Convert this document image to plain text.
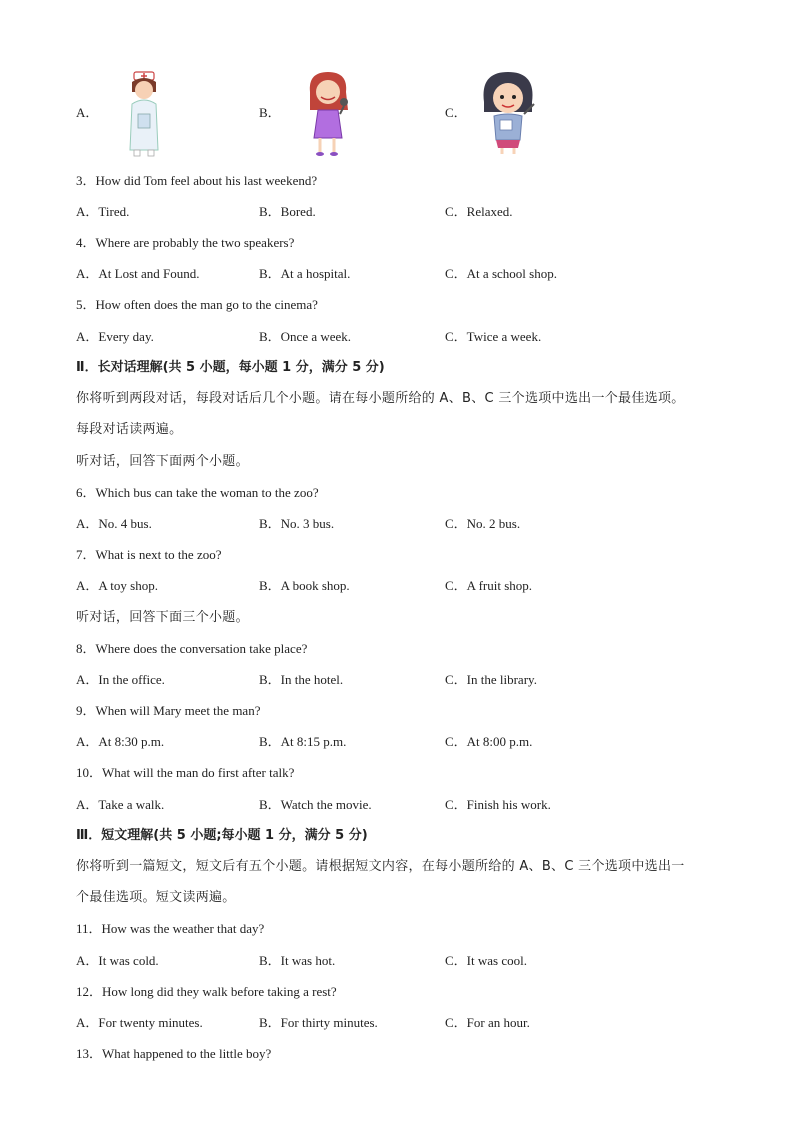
A．	B．	C．
3．How did Tom feel about his last weekend?
A．Tired.	B．Bored.	C．Relaxed.
4．Where are probably the two speakers?
A．At Lost and Found.	B．At a hospital.	C．At a school shop.
5．How often does the man go to the cinema?
A．Every day.	B．Once a week.	C．Twice a week.
Ⅱ．长对话理解(共 5 小题，每小题 1 分，满分 5 分)
你将听到两段对话，每段对话后几个小题。请在每小题所给的 A、B、C 三个选项中选出一个最佳选项。
每段对话读两遍。
听对话，回答下面两个小题。
6．Which bus can take the woman to the zoo?
A．No. 4 bus.	B．No. 3 bus.	C．No. 2 bus.
7．What is next to the zoo?
A．A toy shop.	B．A book shop.	C．A fruit shop.
听对话，回答下面三个小题。
8．Where does the conversation take place?
A．In the office.	B．In the hotel.	C．In the library.
9．When will Mary meet the man?
A．At 8:30 p.m.	B．At 8:15 p.m.	C．At 8:00 p.m.
10．What will the man do first after talk?
A．Take a walk.	B．Watch the movie.	C．Finish his work.
Ⅲ．短文理解(共 5 小题;每小题 1 分，满分 5 分)
你将听到一篇短文，短文后有五个小题。请根据短文内容，在每小题所给的 A、B、C 三个选项中选出一
个最佳选项。短文读两遍。
11．How was the weather that day?
A．It was cold.	B．It was hot.	C．It was cool.
12．How long did they walk before taking a rest?
A．For twenty minutes.	B．For thirty minutes.	C．For an hour.
13．What happened to the little boy?
